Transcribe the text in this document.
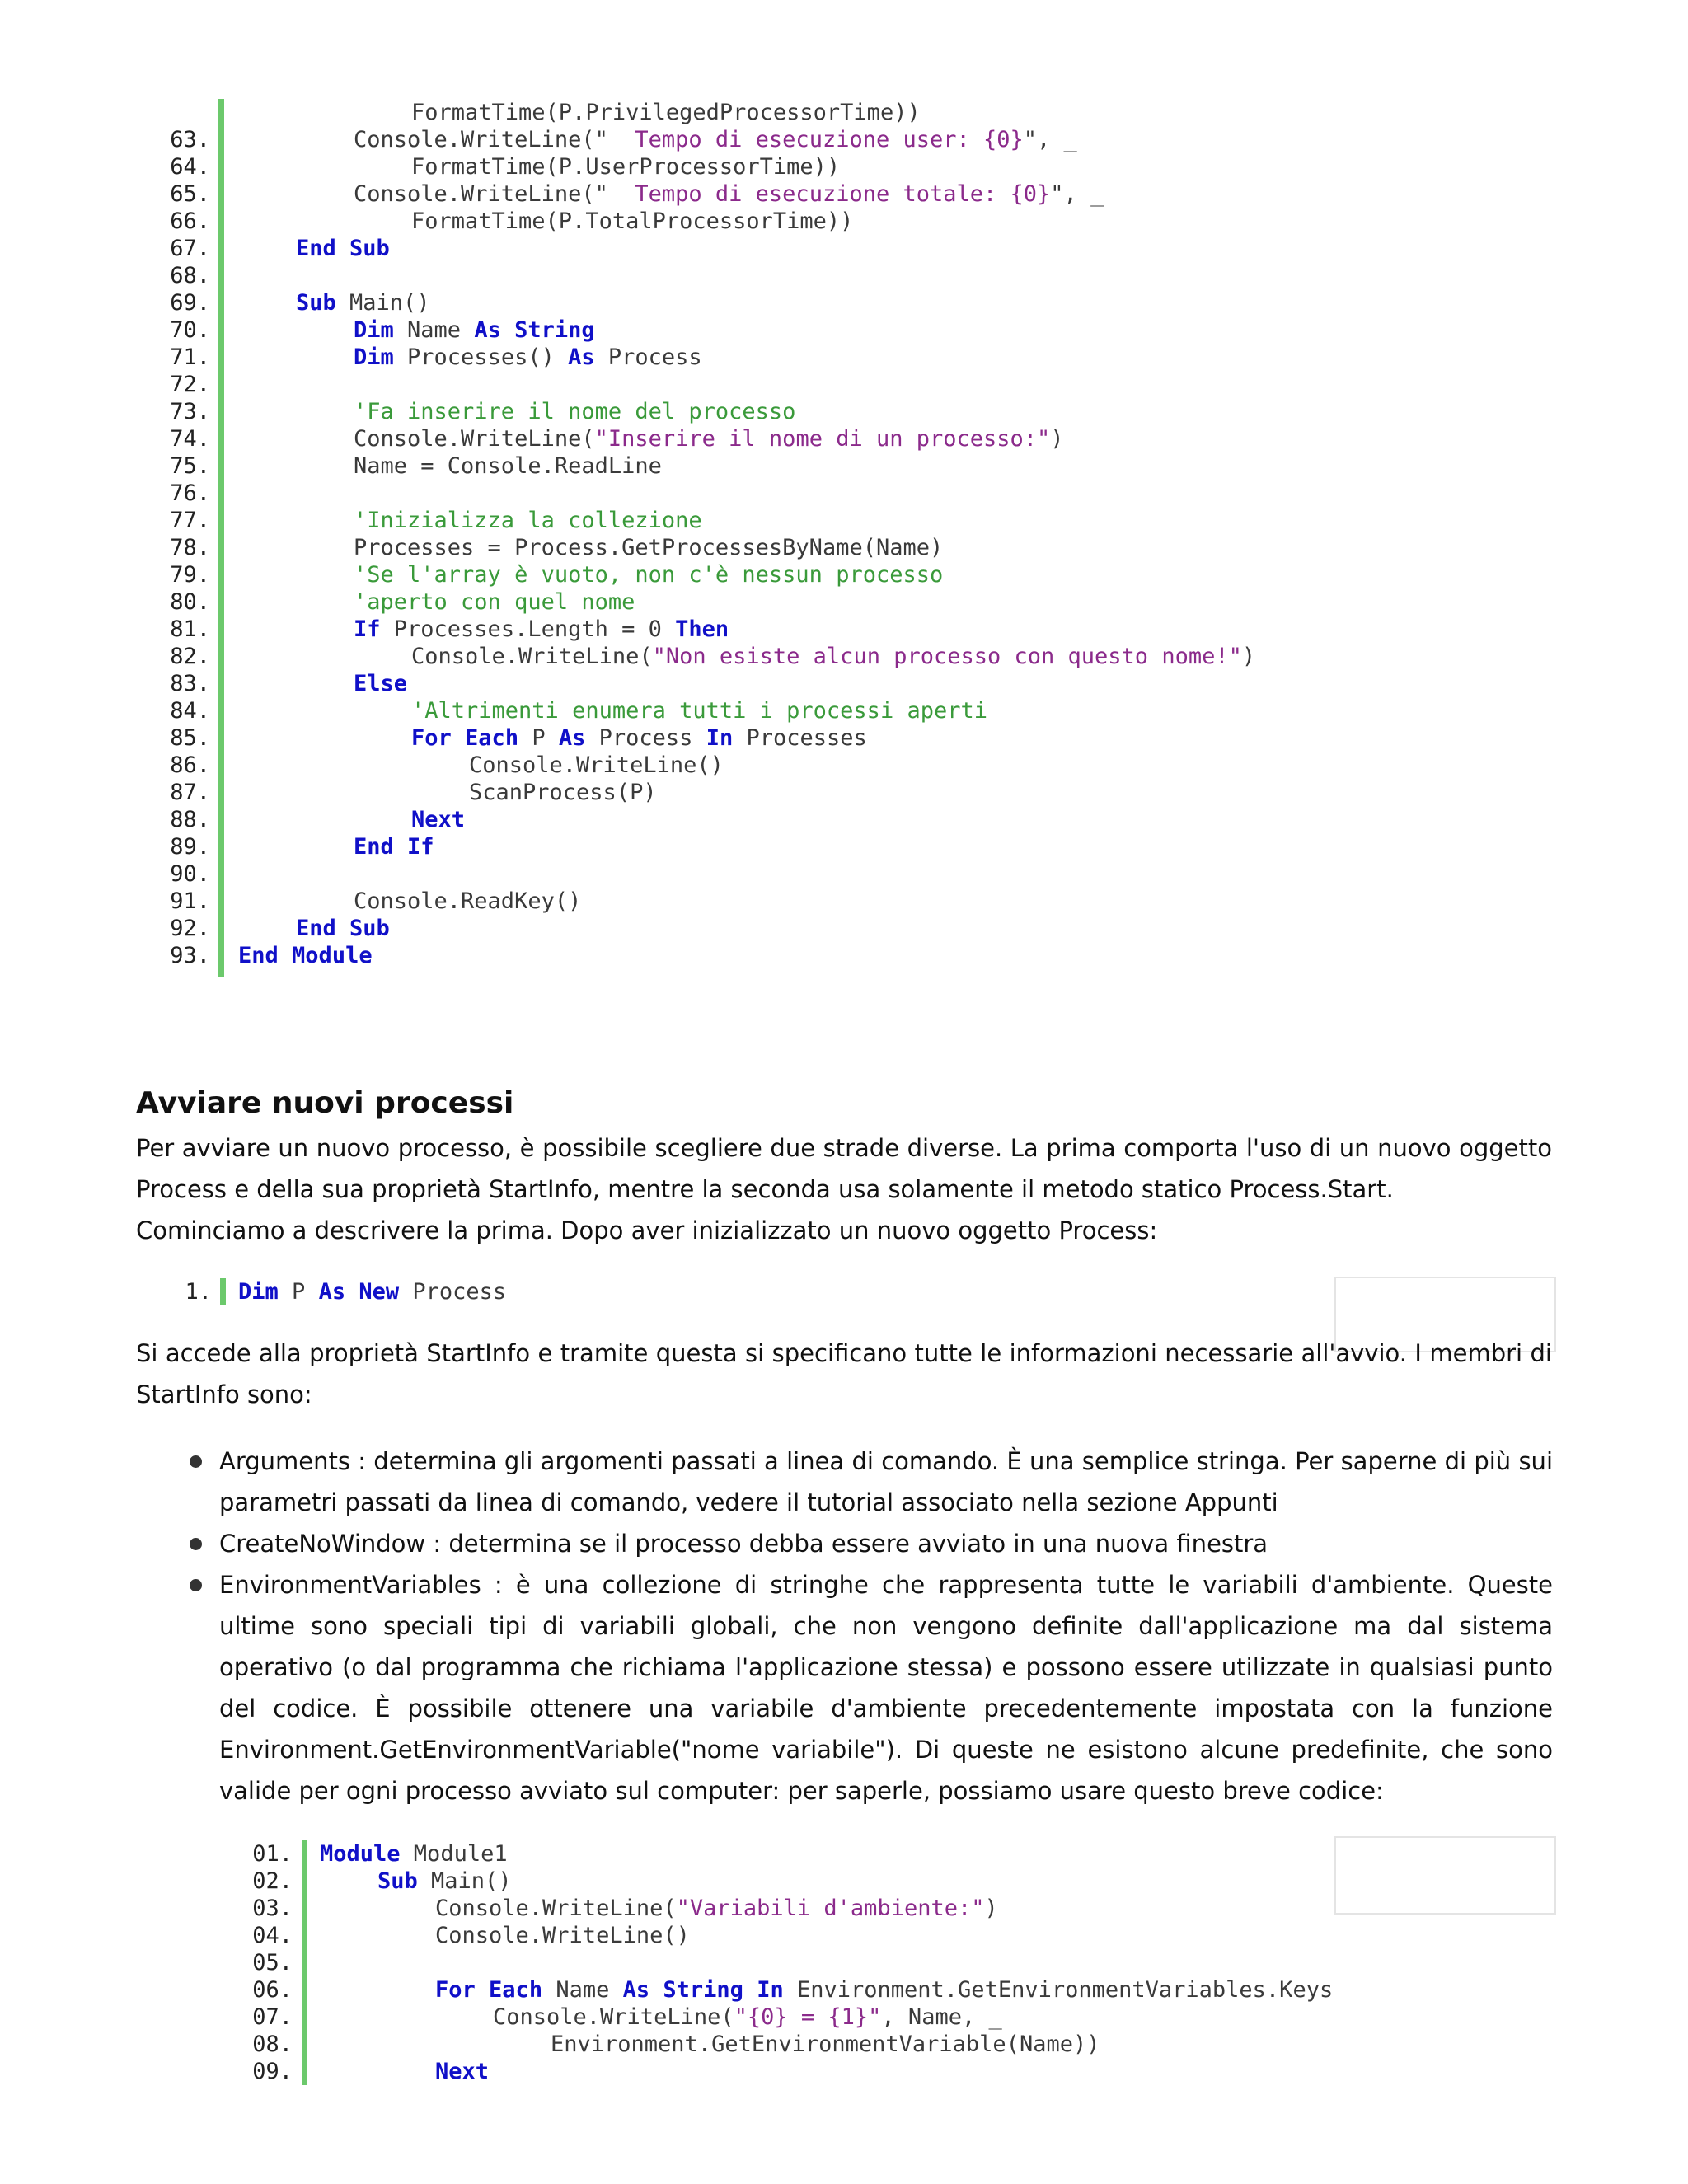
FormatTime(P.PrivilegedProcessorTime))
63.	Console.WriteLine("  Tempo di esecuzione user: {0}", _
64.	FormatTime(P.UserProcessorTime))
65.	Console.WriteLine("  Tempo di esecuzione totale: {0}", _
66.	FormatTime(P.TotalProcessorTime))
67.	End Sub
68.
69.	Sub Main()
70.	Dim Name As String
71.	Dim Processes() As Process
72.
73.	'Fa inserire il nome del processo
74.	Console.WriteLine("Inserire il nome di un processo:")
75.	Name = Console.ReadLine
76.
77.	'Inizializza la collezione
78.	Processes = Process.GetProcessesByName(Name)
79.	'Se l'array è vuoto, non c'è nessun processo
80.	'aperto con quel nome
81.	If Processes.Length = 0 Then
82.	Console.WriteLine("Non esiste alcun processo con questo nome!")
83.	Else
84.	'Altrimenti enumera tutti i processi aperti
85.	For Each P As Process In Processes
86.	Console.WriteLine()
87.	ScanProcess(P)
88.	Next
89.	End If
90.
91.	Console.ReadKey()
92.	End Sub
93. End Module
Avviare nuovi processi

Per avviare un nuovo processo, è possibile scegliere due strade diverse. La prima comporta l'uso di un nuovo oggetto Process e della sua proprietà StartInfo, mentre la seconda usa solamente il metodo statico Process.Start.

Cominciamo a descrivere la prima. Dopo aver inizializzato un nuovo oggetto Process:

1. Dim P As New Process
Si accede alla proprietà StartInfo e tramite questa si specificano tutte le informazioni necessarie all'avvio. I membri di StartInfo sono:
Arguments : determina gli argomenti passati a linea di comando. È una semplice stringa. Per saperne di più sui parametri passati da linea di comando, vedere il tutorial associato nella sezione Appunti
CreateNoWindow : determina se il processo debba essere avviato in una nuova finestra
EnvironmentVariables : è una collezione di stringhe che rappresenta tutte le variabili d'ambiente. Queste ultime sono speciali tipi di variabili globali, che non vengono definite dall'applicazione ma dal sistema operativo (o dal programma che richiama l'applicazione stessa) e possono essere utilizzate in qualsiasi punto del codice. È possibile ottenere una variabile d'ambiente precedentemente impostata con la funzione Environment.GetEnvironmentVariable("nome variabile"). Di queste ne esistono alcune predefinite, che sono valide per ogni processo avviato sul computer: per saperle, possiamo usare questo breve codice:
01. Module Module1
02.	Sub Main()
03.	Console.WriteLine("Variabili d'ambiente:")
04.	Console.WriteLine()
05.
06.	For Each Name As String In Environment.GetEnvironmentVariables.Keys
07.	Console.WriteLine("{0} = {1}", Name, _
08.	Environment.GetEnvironmentVariable(Name))
09.	Next
